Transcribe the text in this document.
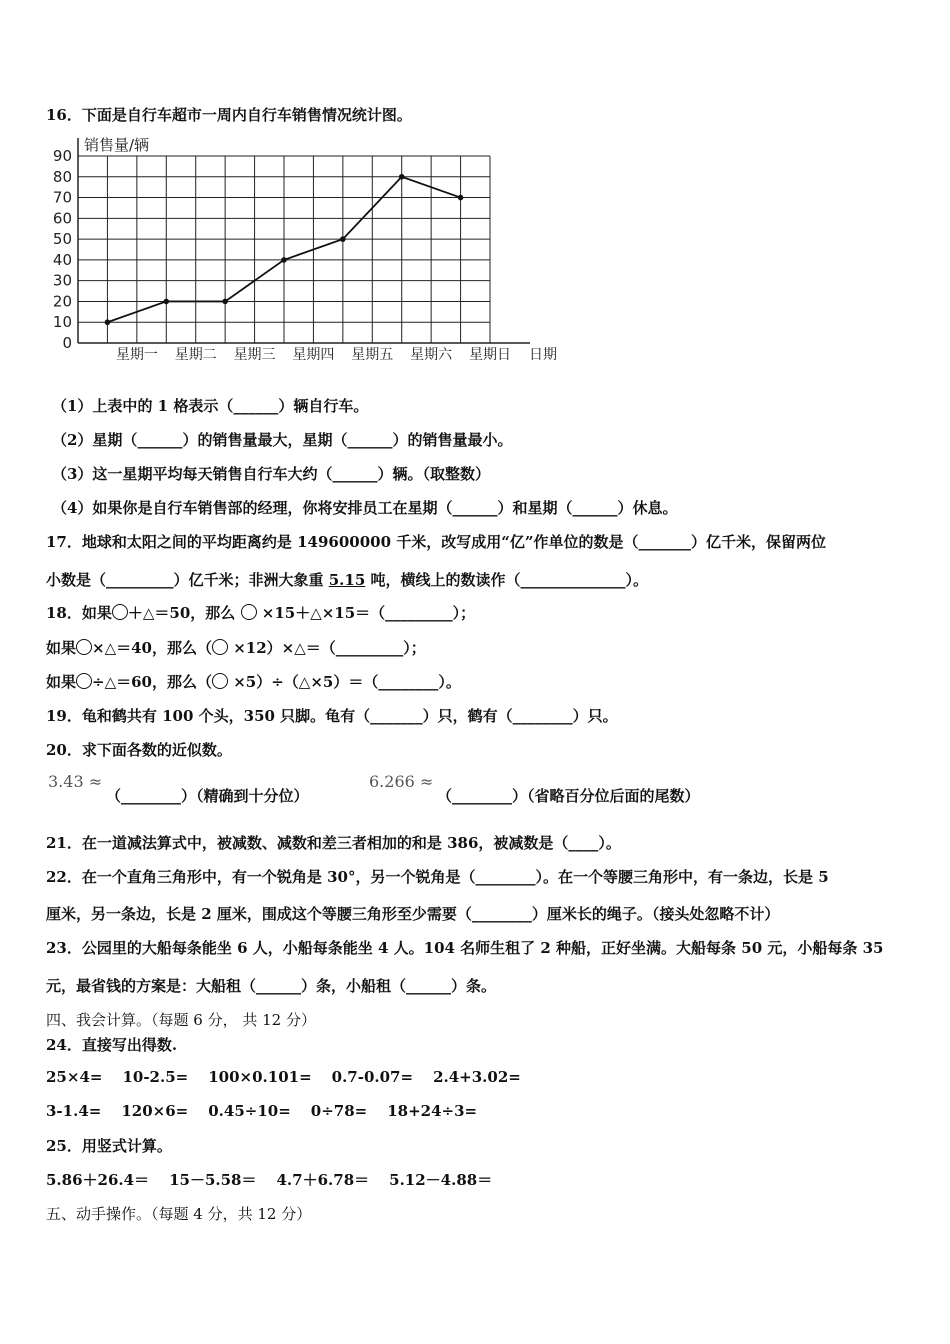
16．下面是自行车超市一周内自行车销售情况统计图。
销售量/辆
0
10
20
30
40
50
60
70
80
90
星期一 星期二 星期三 星期四 星期五 星期六 星期日 日期
（1）上表中的 1 格表示（______）辆自行车。
（2）星期（______）的销售量最大，星期（______）的销售量最小。
（3）这一星期平均每天销售自行车大约（______）辆。（取整数）
（4）如果你是自行车销售部的经理，你将安排员工在星期（______）和星期（______）休息。
17．地球和太阳之间的平均距离约是 149600000 千米，改写成用“亿”作单位的数是（_______）亿千米，保留两位
小数是（_________）亿千米；非洲大象重 5.15 吨，横线上的数读作（______________）。
18．如果 ＋△＝50，那么 ×15＋△×15＝（_________）；
如果 ×△＝40，那么（ ×12）×△＝（_________）；
如果 ÷△＝60，那么（ ×5）÷（△×5）＝（________）。
19．龟和鹤共有 100 个头，350 只脚。龟有（_______）只，鹤有（________）只。
20．求下面各数的近似数。
3.43 ≈
（________）（精确到十分位）
6.266 ≈
（________）（省略百分位后面的尾数）
21．在一道减法算式中，被减数、减数和差三者相加的和是 386，被减数是（____）。
22．在一个直角三角形中，有一个锐角是 30°，另一个锐角是（________）。在一个等腰三角形中，有一条边，长是 5
厘米，另一条边，长是 2 厘米，围成这个等腰三角形至少需要（________）厘米长的绳子。（接头处忽略不计）
23．公园里的大船每条能坐 6 人，小船每条能坐 4 人。104 名师生租了 2 种船，正好坐满。大船每条 50 元，小船每条 35
元，最省钱的方案是：大船租（______）条，小船租（______）条。
四、我会计算。（每题 6 分， 共 12 分）
24．直接写出得数.
25×4= 10-2.5= 100×0.101= 0.7-0.07= 2.4+3.02=
3-1.4= 120×6= 0.45÷10= 0÷78= 18+24÷3=
25．用竖式计算。
5.86＋26.4＝ 15－5.58＝ 4.7＋6.78＝ 5.12－4.88＝
五、动手操作。（每题 4 分，共 12 分）
